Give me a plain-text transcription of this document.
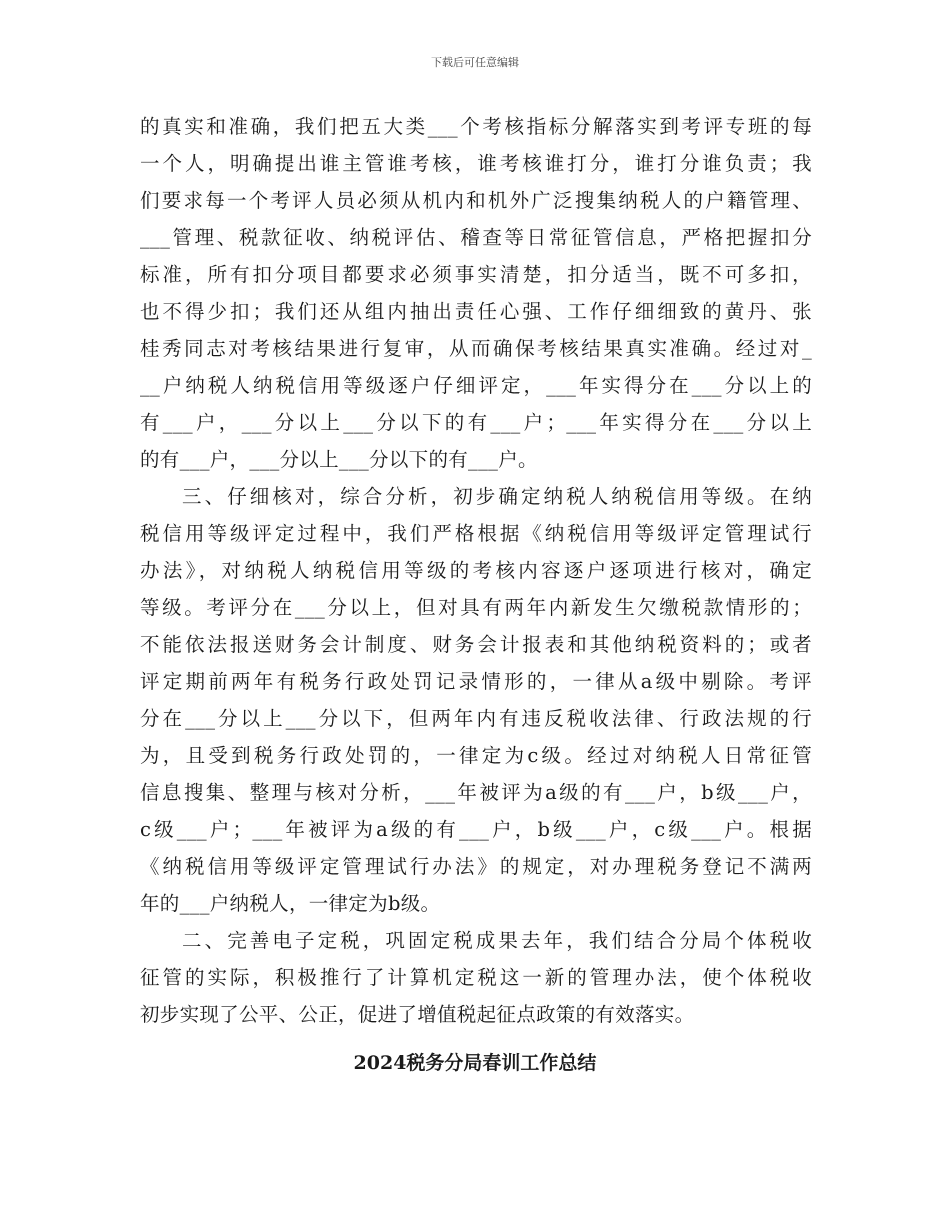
下载后可任意编辑
的真实和准确，我们把五大类___个考核指标分解落实到考评专班的每
一个人，明确提出谁主管谁考核，谁考核谁打分，谁打分谁负责；我
们要求每一个考评人员必须从机内和机外广泛搜集纳税人的户籍管理、
___管理、税款征收、纳税评估、稽查等日常征管信息，严格把握扣分
标准，所有扣分项目都要求必须事实清楚，扣分适当，既不可多扣，
也不得少扣；我们还从组内抽出责任心强、工作仔细细致的黄丹、张
桂秀同志对考核结果进行复审，从而确保考核结果真实准确。经过对_
__户纳税人纳税信用等级逐户仔细评定，___年实得分在___分以上的
有___户，___分以上___分以下的有___户；___年实得分在___分以上
的有___户，___分以上___分以下的有___户。
三、仔细核对，综合分析，初步确定纳税人纳税信用等级。在纳
税信用等级评定过程中，我们严格根据《纳税信用等级评定管理试行
办法》，对纳税人纳税信用等级的考核内容逐户逐项进行核对，确定
等级。考评分在___分以上，但对具有两年内新发生欠缴税款情形的；
不能依法报送财务会计制度、财务会计报表和其他纳税资料的；或者
评定期前两年有税务行政处罚记录情形的，一律从a级中剔除。考评
分在___分以上___分以下，但两年内有违反税收法律、行政法规的行
为，且受到税务行政处罚的，一律定为c级。经过对纳税人日常征管
信息搜集、整理与核对分析，___年被评为a级的有___户，b级___户，
c级___户；___年被评为a级的有___户，b级___户，c级___户。根据
《纳税信用等级评定管理试行办法》的规定，对办理税务登记不满两
年的___户纳税人，一律定为b级。
二、完善电子定税，巩固定税成果去年，我们结合分局个体税收
征管的实际，积极推行了计算机定税这一新的管理办法，使个体税收
初步实现了公平、公正，促进了增值税起征点政策的有效落实。
2024税务分局春训工作总结
